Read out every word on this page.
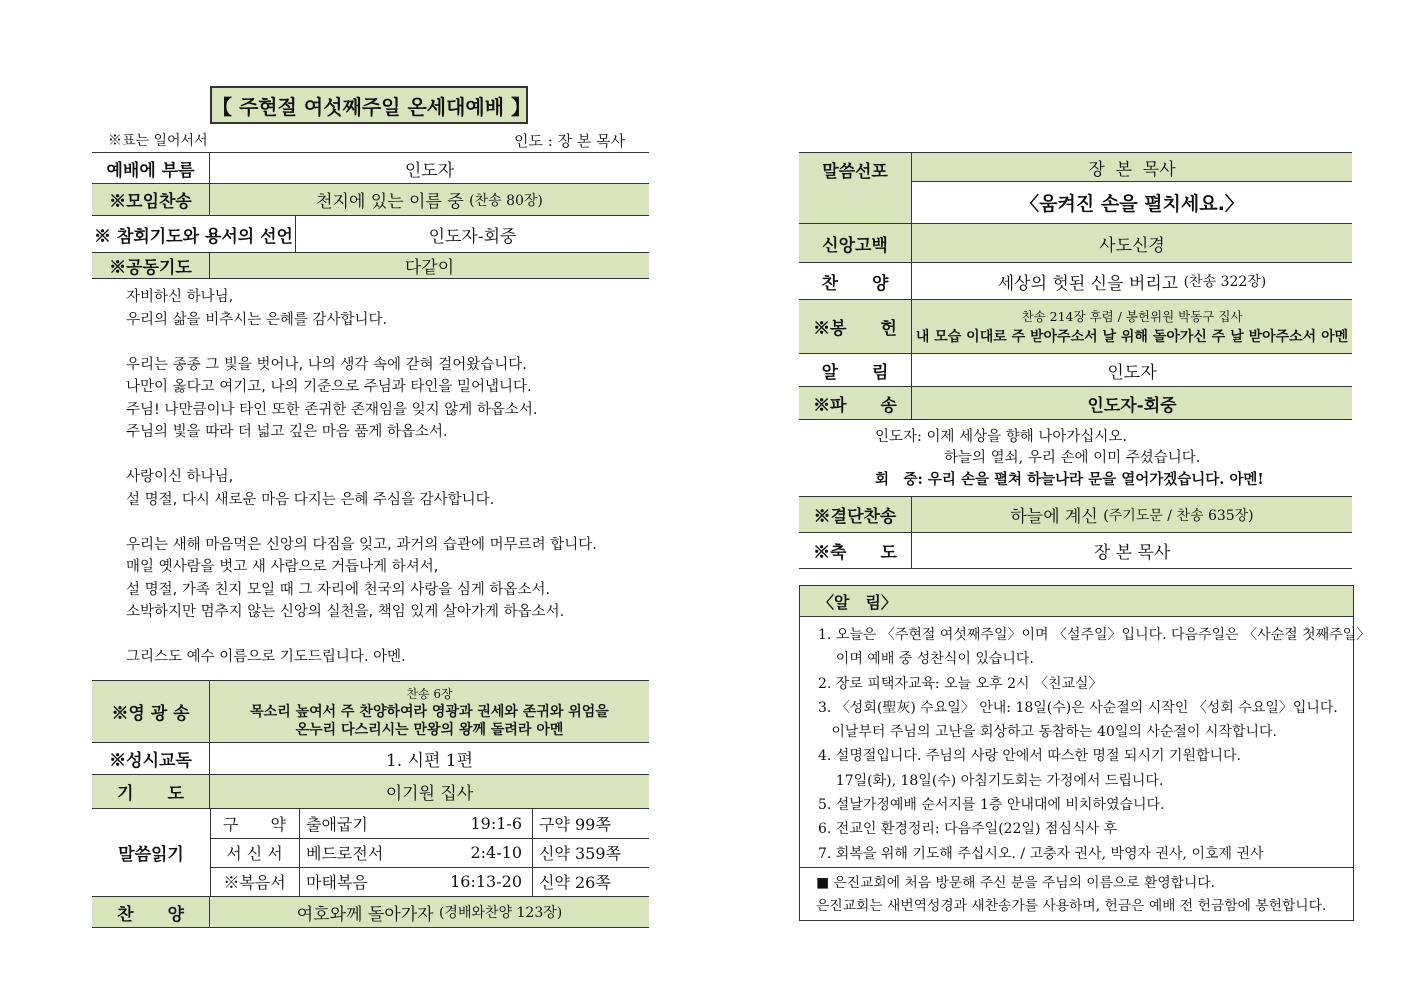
【 주현절 여섯째주일 온세대예배 】
※표는 일어서서	인도 : 장 본 목사
예배에 부름	인도자
※모임찬송	천지에 있는 이름 중
(찬송 80장)
※ 참회기도와 용서의 선언	인도자-회중
※공동기도	다같이
자비하신 하나님,
우리의 삶을 비추시는 은혜를 감사합니다.
우리는 종종 그 빛을 벗어나, 나의 생각 속에 갇혀 걸어왔습니다.
나만이 옳다고 여기고, 나의 기준으로 주님과 타인을 밀어냅니다.
주님! 나만큼이나 타인 또한 존귀한 존재임을 잊지 않게 하옵소서.
주님의 빛을 따라 더 넓고 깊은 마음 품게 하옵소서.
사랑이신 하나님,
설 명절, 다시 새로운 마음 다지는 은혜 주심을 감사합니다.
우리는 새해 마음먹은 신앙의 다짐을 잊고, 과거의 습관에 머무르려 합니다.
매일 옛사람을 벗고 새 사람으로 거듭나게 하셔서,
설 명절, 가족 친지 모일 때 그 자리에 천국의 사랑을 심게 하옵소서.
소박하지만 멈추지 않는 신앙의 실천을, 책임 있게 살아가게 하옵소서.
그리스도 예수 이름으로 기도드립니다. 아멘.
※영 광 송
찬송 6장
목소리 높여서 주 찬양하여라 영광과 권세와 존귀와 위엄을
온누리 다스리시는 만왕의 왕께 돌려라 아멘
※성시교독	1. 시편 1편
기　　도	이기원 집사
말씀읽기
구　　약	출애굽기	19:1-6	구약 99쪽
서 신 서	베드로전서	2:4-10	신약 359쪽
※복음서	마태복음	16:13-20	신약 26쪽
찬　　양	여호와께 돌아가자
(경배와찬양 123장)
말씀선포	장  본  목사
〈움켜진 손을 펼치세요.〉
신앙고백	사도신경
찬　　양	세상의 헛된 신을 버리고
(찬송 322장)
※봉　　헌
찬송 214장 후렴 / 봉헌위원 박동구 집사
내 모습 이대로 주 받아주소서 날 위해 돌아가신 주 날 받아주소서 아멘
알　　림	인도자
※파　　송	인도자-회중
인도자: 이제 세상을 향해 나아가십시오.
하늘의 열쇠, 우리 손에 이미 주셨습니다.
회　중: 우리 손을 펼쳐 하늘나라 문을 열어가겠습니다. 아멘!
※결단찬송	하늘에 계신
(주기도문 / 찬송 635장)
※축　　도	장 본 목사
〈알　림〉
1. 오늘은 〈주현절 여섯째주일〉이며 〈설주일〉입니다. 다음주일은 〈사순절 첫째주일〉
이며 예배 중 성찬식이 있습니다.
2. 장로 피택자교육: 오늘 오후 2시 〈친교실〉
3. 〈성회(聖灰) 수요일〉 안내: 18일(수)은 사순절의 시작인 〈성회 수요일〉입니다.
이날부터 주님의 고난을 회상하고 동참하는 40일의 사순절이 시작합니다.
4. 설명절입니다. 주님의 사랑 안에서 따스한 명절 되시기 기원합니다.
17일(화), 18일(수) 아침기도회는 가정에서 드립니다.
5. 설날가정예배 순서지를 1층 안내대에 비치하였습니다.
6. 전교인 환경정리: 다음주일(22일) 점심식사 후
7. 회복을 위해 기도해 주십시오. / 고충자 권사, 박영자 권사, 이호제 권사
■ 은진교회에 처음 방문해 주신 분을 주님의 이름으로 환영합니다.
은진교회는 새번역성경과 새찬송가를 사용하며, 헌금은 예배 전 헌금함에 봉헌합니다.
